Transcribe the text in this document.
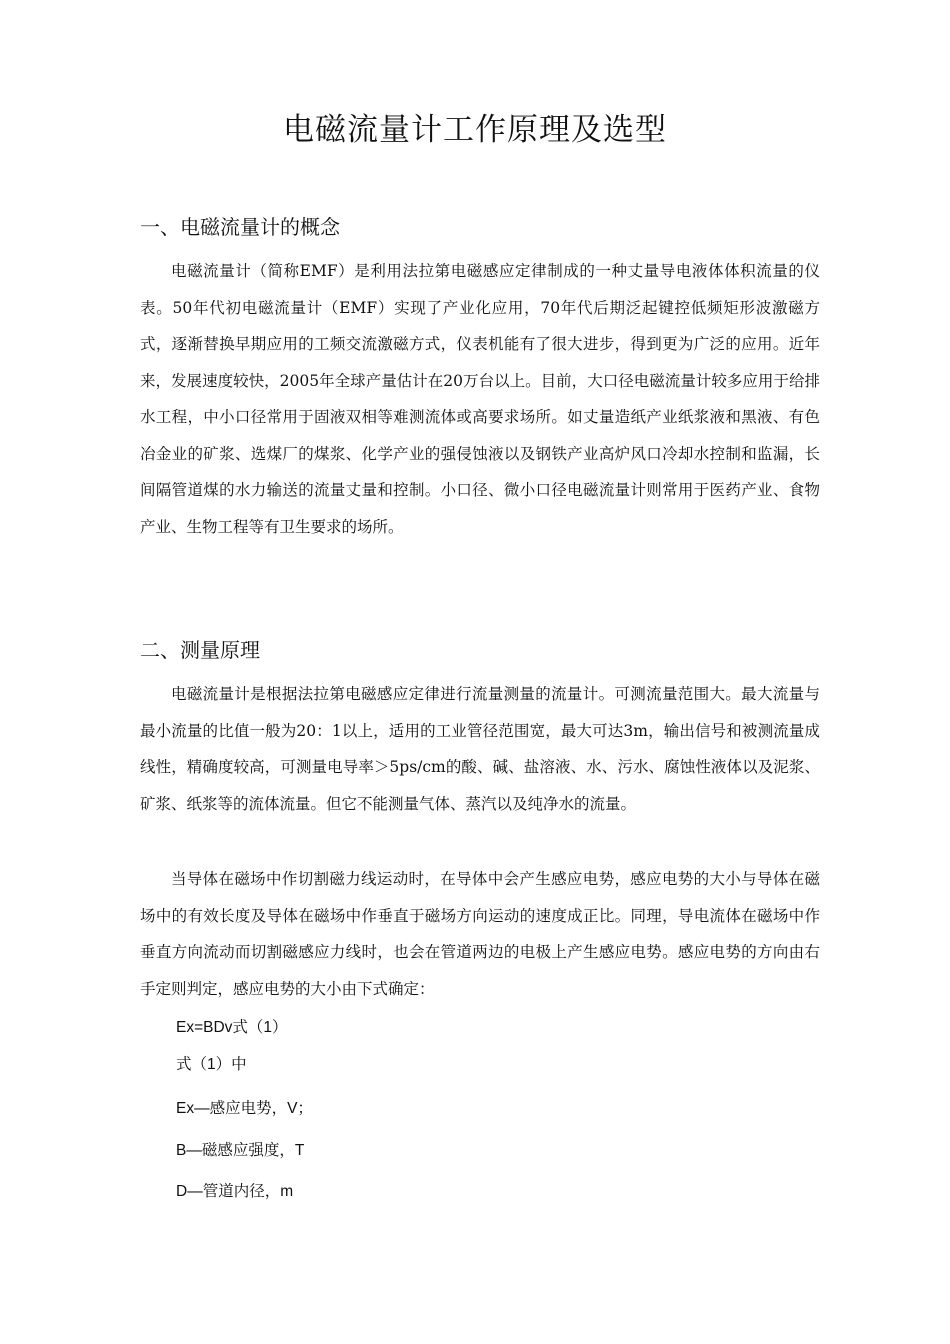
电磁流量计工作原理及选型
一、电磁流量计的概念

电磁流量计（简称EMF）是利用法拉第电磁感应定律制成的一种丈量导电液体体积流量的仪表。50年代初电磁流量计（EMF）实现了产业化应用，70年代后期泛起键控低频矩形波激磁方式，逐渐替换早期应用的工频交流激磁方式，仪表机能有了很大进步，得到更为广泛的应用。近年来，发展速度较快，2005年全球产量估计在20万台以上。目前，大口径电磁流量计较多应用于给排水工程，中小口径常用于固液双相等难测流体或高要求场所。如丈量造纸产业纸浆液和黑液、有色冶金业的矿浆、选煤厂的煤浆、化学产业的强侵蚀液以及钢铁产业高炉风口冷却水控制和监漏，长间隔管道煤的水力输送的流量丈量和控制。小口径、微小口径电磁流量计则常用于医药产业、食物产业、生物工程等有卫生要求的场所。

二、测量原理

电磁流量计是根据法拉第电磁感应定律进行流量测量的流量计。可测流量范围大。最大流量与最小流量的比值一般为20：1以上，适用的工业管径范围宽，最大可达3m，输出信号和被测流量成线性，精确度较高，可测量电导率＞5ps/cm的酸、碱、盐溶液、水、污水、腐蚀性液体以及泥浆、矿浆、纸浆等的流体流量。但它不能测量气体、蒸汽以及纯净水的流量。

当导体在磁场中作切割磁力线运动时，在导体中会产生感应电势，感应电势的大小与导体在磁场中的有效长度及导体在磁场中作垂直于磁场方向运动的速度成正比。同理，导电流体在磁场中作垂直方向流动而切割磁感应力线时，也会在管道两边的电极上产生感应电势。感应电势的方向由右手定则判定，感应电势的大小由下式确定：

Ex=BDv式（1）

式（1）中

Ex—感应电势，V；

B—磁感应强度，T

D—管道内径，m
